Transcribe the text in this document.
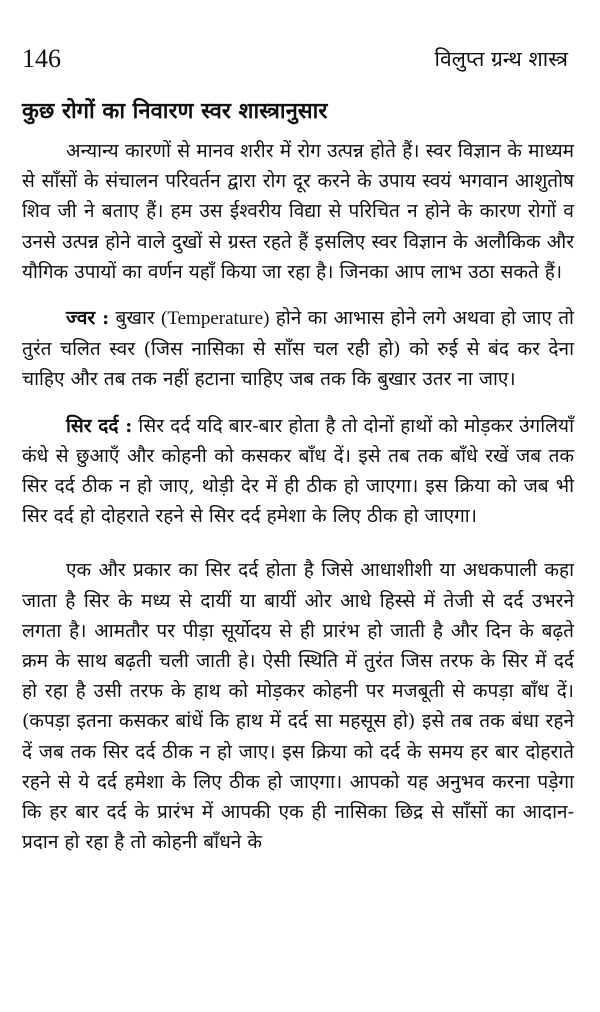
146	विलुप्त ग्रन्थ शास्त्र
कुछ रोगों का निवारण स्वर शास्त्रानुसार

अन्यान्य कारणों से मानव शरीर में रोग उत्पन्न होते हैं। स्वर विज्ञान के माध्यम से साँसों के संचालन परिवर्तन द्वारा रोग दूर करने के उपाय स्वयं भगवान आशुतोष शिव जी ने बताए हैं। हम उस ईश्वरीय विद्या से परिचित न होने के कारण रोगों व उनसे उत्पन्न होने वाले दुखों से ग्रस्त रहते हैं इसलिए स्वर विज्ञान के अलौकिक और यौगिक उपायों का वर्णन यहाँ किया जा रहा है। जिनका आप लाभ उठा सकते हैं।

ज्वर : बुखार (Temperature) होने का आभास होने लगे अथवा हो जाए तो तुरंत चलित स्वर (जिस नासिका से साँस चल रही हो) को रुई से बंद कर देना चाहिए और तब तक नहीं हटाना चाहिए जब तक कि बुखार उतर ना जाए।

सिर दर्द : सिर दर्द यदि बार-बार होता है तो दोनों हाथों को मोड़कर उंगलियाँ कंधे से छुआएँ और कोहनी को कसकर बाँध दें। इसे तब तक बाँधे रखें जब तक सिर दर्द ठीक न हो जाए, थोड़ी देर में ही ठीक हो जाएगा। इस क्रिया को जब भी सिर दर्द हो दोहराते रहने से सिर दर्द हमेशा के लिए ठीक हो जाएगा।

एक और प्रकार का सिर दर्द होता है जिसे आधाशीशी या अधकपाली कहा जाता है सिर के मध्य से दायीं या बायीं ओर आधे हिस्से में तेजी से दर्द उभरने लगता है। आमतौर पर पीड़ा सूर्योदय से ही प्रारंभ हो जाती है और दिन के बढ़ते क्रम के साथ बढ़ती चली जाती हे। ऐसी स्थिति में तुरंत जिस तरफ के सिर में दर्द हो रहा है उसी तरफ के हाथ को मोड़कर कोहनी पर मजबूती से कपड़ा बाँध दें। (कपड़ा इतना कसकर बांधें कि हाथ में दर्द सा महसूस हो) इसे तब तक बंधा रहने दें जब तक सिर दर्द ठीक न हो जाए। इस क्रिया को दर्द के समय हर बार दोहराते रहने से ये दर्द हमेशा के लिए ठीक हो जाएगा। आपको यह अनुभव करना पड़ेगा कि हर बार दर्द के प्रारंभ में आपकी एक ही नासिका छिद्र से साँसों का आदान-प्रदान हो रहा है तो कोहनी बाँधने के
